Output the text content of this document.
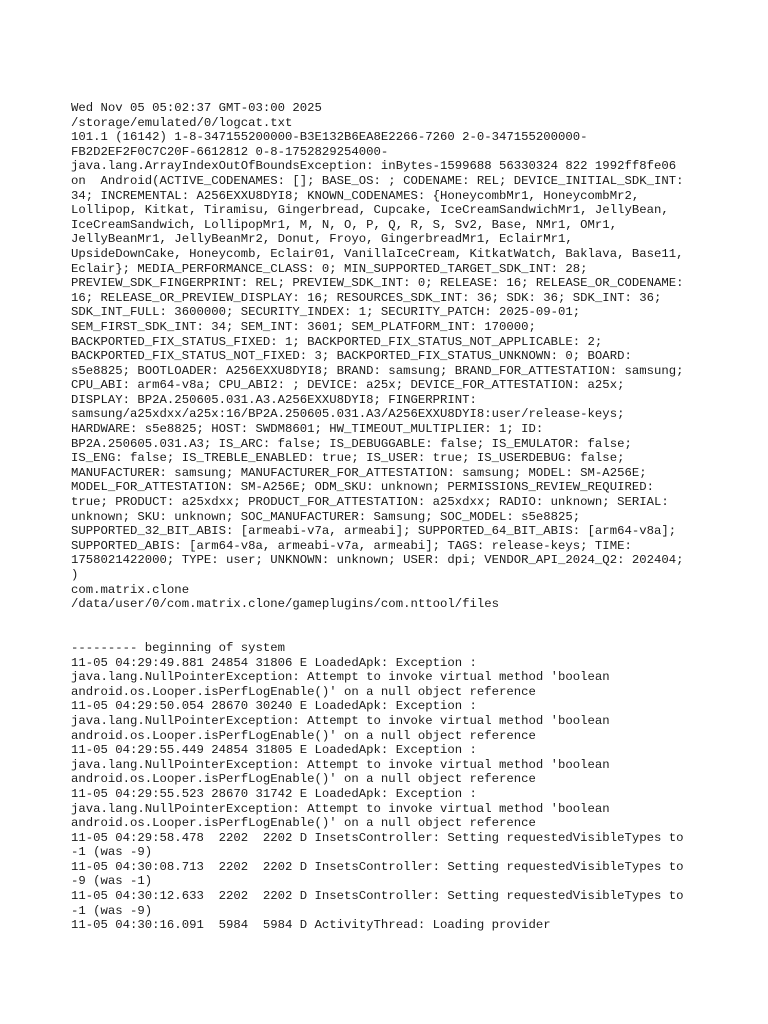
Wed Nov 05 05:02:37 GMT-03:00 2025
/storage/emulated/0/logcat.txt
101.1 (16142) 1-8-347155200000-B3E132B6EA8E2266-7260 2-0-347155200000-
FB2D2EF2F0C7C20F-6612812 0-8-1752829254000-
java.lang.ArrayIndexOutOfBoundsException: inBytes-1599688 56330324 822 1992ff8fe06
on  Android(ACTIVE_CODENAMES: []; BASE_OS: ; CODENAME: REL; DEVICE_INITIAL_SDK_INT:
34; INCREMENTAL: A256EXXU8DYI8; KNOWN_CODENAMES: {HoneycombMr1, HoneycombMr2,
Lollipop, Kitkat, Tiramisu, Gingerbread, Cupcake, IceCreamSandwichMr1, JellyBean,
IceCreamSandwich, LollipopMr1, M, N, O, P, Q, R, S, Sv2, Base, NMr1, OMr1,
JellyBeanMr1, JellyBeanMr2, Donut, Froyo, GingerbreadMr1, EclairMr1,
UpsideDownCake, Honeycomb, Eclair01, VanillaIceCream, KitkatWatch, Baklava, Base11,
Eclair}; MEDIA_PERFORMANCE_CLASS: 0; MIN_SUPPORTED_TARGET_SDK_INT: 28;
PREVIEW_SDK_FINGERPRINT: REL; PREVIEW_SDK_INT: 0; RELEASE: 16; RELEASE_OR_CODENAME:
16; RELEASE_OR_PREVIEW_DISPLAY: 16; RESOURCES_SDK_INT: 36; SDK: 36; SDK_INT: 36;
SDK_INT_FULL: 3600000; SECURITY_INDEX: 1; SECURITY_PATCH: 2025-09-01;
SEM_FIRST_SDK_INT: 34; SEM_INT: 3601; SEM_PLATFORM_INT: 170000;
BACKPORTED_FIX_STATUS_FIXED: 1; BACKPORTED_FIX_STATUS_NOT_APPLICABLE: 2;
BACKPORTED_FIX_STATUS_NOT_FIXED: 3; BACKPORTED_FIX_STATUS_UNKNOWN: 0; BOARD:
s5e8825; BOOTLOADER: A256EXXU8DYI8; BRAND: samsung; BRAND_FOR_ATTESTATION: samsung;
CPU_ABI: arm64-v8a; CPU_ABI2: ; DEVICE: a25x; DEVICE_FOR_ATTESTATION: a25x;
DISPLAY: BP2A.250605.031.A3.A256EXXU8DYI8; FINGERPRINT:
samsung/a25xdxx/a25x:16/BP2A.250605.031.A3/A256EXXU8DYI8:user/release-keys;
HARDWARE: s5e8825; HOST: SWDM8601; HW_TIMEOUT_MULTIPLIER: 1; ID:
BP2A.250605.031.A3; IS_ARC: false; IS_DEBUGGABLE: false; IS_EMULATOR: false;
IS_ENG: false; IS_TREBLE_ENABLED: true; IS_USER: true; IS_USERDEBUG: false;
MANUFACTURER: samsung; MANUFACTURER_FOR_ATTESTATION: samsung; MODEL: SM-A256E;
MODEL_FOR_ATTESTATION: SM-A256E; ODM_SKU: unknown; PERMISSIONS_REVIEW_REQUIRED:
true; PRODUCT: a25xdxx; PRODUCT_FOR_ATTESTATION: a25xdxx; RADIO: unknown; SERIAL:
unknown; SKU: unknown; SOC_MANUFACTURER: Samsung; SOC_MODEL: s5e8825;
SUPPORTED_32_BIT_ABIS: [armeabi-v7a, armeabi]; SUPPORTED_64_BIT_ABIS: [arm64-v8a];
SUPPORTED_ABIS: [arm64-v8a, armeabi-v7a, armeabi]; TAGS: release-keys; TIME:
1758021422000; TYPE: user; UNKNOWN: unknown; USER: dpi; VENDOR_API_2024_Q2: 202404;
)
com.matrix.clone
/data/user/0/com.matrix.clone/gameplugins/com.nttool/files
--------- beginning of system
11-05 04:29:49.881 24854 31806 E LoadedApk: Exception :
java.lang.NullPointerException: Attempt to invoke virtual method 'boolean
android.os.Looper.isPerfLogEnable()' on a null object reference
11-05 04:29:50.054 28670 30240 E LoadedApk: Exception :
java.lang.NullPointerException: Attempt to invoke virtual method 'boolean
android.os.Looper.isPerfLogEnable()' on a null object reference
11-05 04:29:55.449 24854 31805 E LoadedApk: Exception :
java.lang.NullPointerException: Attempt to invoke virtual method 'boolean
android.os.Looper.isPerfLogEnable()' on a null object reference
11-05 04:29:55.523 28670 31742 E LoadedApk: Exception :
java.lang.NullPointerException: Attempt to invoke virtual method 'boolean
android.os.Looper.isPerfLogEnable()' on a null object reference
11-05 04:29:58.478  2202  2202 D InsetsController: Setting requestedVisibleTypes to
-1 (was -9)
11-05 04:30:08.713  2202  2202 D InsetsController: Setting requestedVisibleTypes to
-9 (was -1)
11-05 04:30:12.633  2202  2202 D InsetsController: Setting requestedVisibleTypes to
-1 (was -9)
11-05 04:30:16.091  5984  5984 D ActivityThread: Loading provider
